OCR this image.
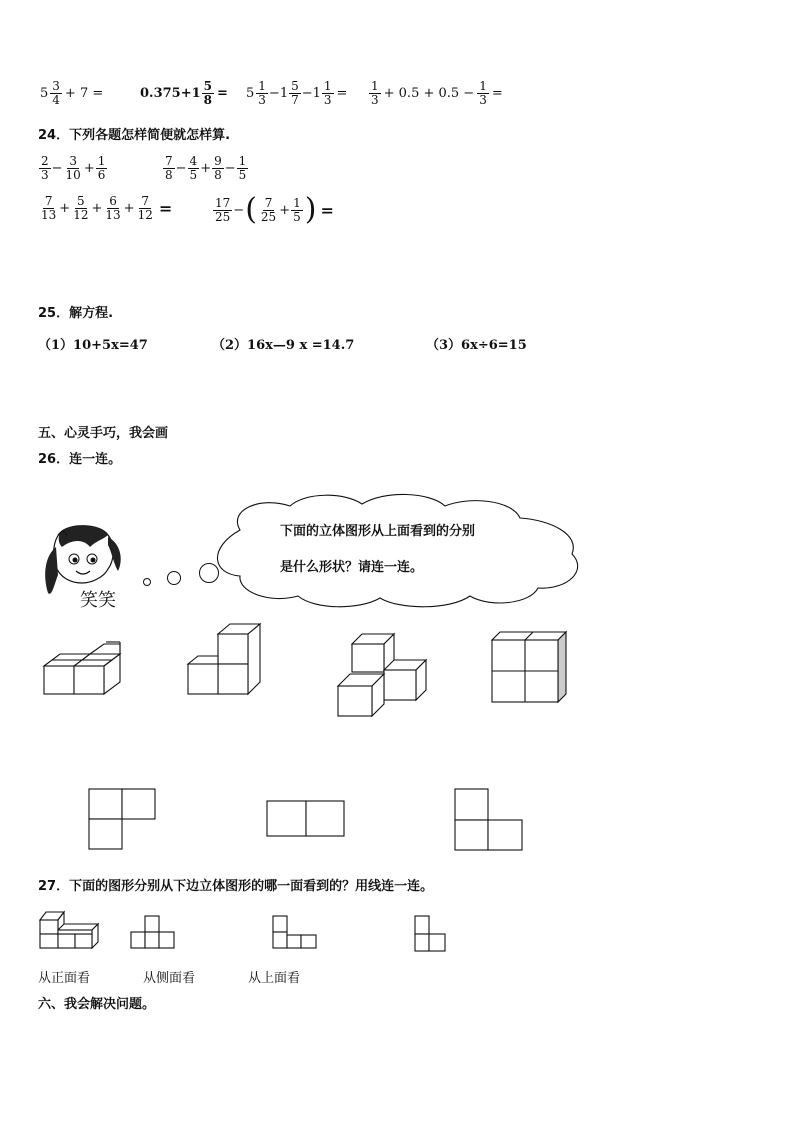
$5 \frac{3}{4} + 7$ =	$0.375+1 \frac{5}{8} = 5 \frac{1}{3} -1 \frac{5}{7} -1 \frac{1}{3} = \frac{1}{3} + 0.5 + 0.5 - \frac{1}{3}$ =
24．下列各题怎样简便就怎样算.
$\frac{2}{3} - \frac{3}{10} + \frac{1}{6}$	$\frac{7}{8} - \frac{4}{5} + \frac{9}{8} - \frac{1}{5}$
$\frac{7}{13} + \frac{5}{12} + \frac{6}{13} + \frac{7}{12}$ =	$\frac{17}{25}$ − ( $\frac{7}{25} + \frac{1}{5}$ ) =
25．解方程.
（1）10+5x=47	（2）16x—9 x =14.7	（3）6x÷6=15
五、心灵手巧，我会画
26．连一连。
下面的立体图形从上面看到的分别
是什么形状？请连一连。
笑笑
27．下面的图形分别从下边立体图形的哪一面看到的？用线连一连。
从正面看	从侧面看	从上面看
六、我会解决问题。
